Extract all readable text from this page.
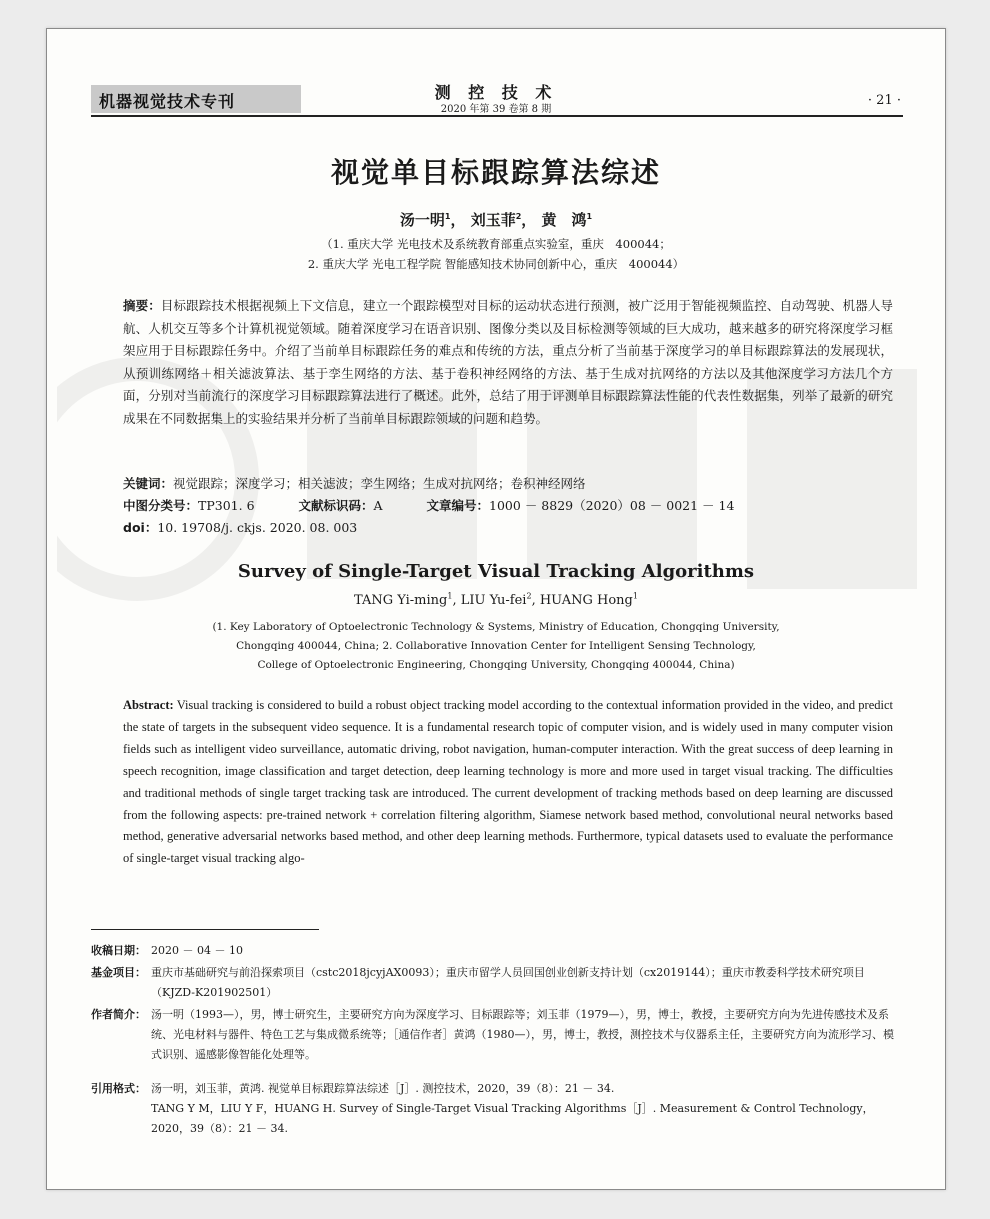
机器视觉技术专刊	测 控 技 术
2020 年第 39 卷第 8 期
· 21 ·
视觉单目标跟踪算法综述
汤一明$^1$， 刘玉菲$^2$， 黄　鸿$^1$
（1. 重庆大学 光电技术及系统教育部重点实验室，重庆　400044；
2. 重庆大学 光电工程学院 智能感知技术协同创新中心，重庆　400044）
摘要：目标跟踪技术根据视频上下文信息，建立一个跟踪模型对目标的运动状态进行预测，被广泛用于智能视频监控、自动驾驶、机器人导航、人机交互等多个计算机视觉领域。随着深度学习在语音识别、图像分类以及目标检测等领域的巨大成功，越来越多的研究将深度学习框架应用于目标跟踪任务中。介绍了当前单目标跟踪任务的难点和传统的方法，重点分析了当前基于深度学习的单目标跟踪算法的发展现状，从预训练网络＋相关滤波算法、基于孪生网络的方法、基于卷积神经网络的方法、基于生成对抗网络的方法以及其他深度学习方法几个方面，分别对当前流行的深度学习目标跟踪算法进行了概述。此外，总结了用于评测单目标跟踪算法性能的代表性数据集，列举了最新的研究成果在不同数据集上的实验结果并分析了当前单目标跟踪领域的问题和趋势。
关键词：视觉跟踪；深度学习；相关滤波；孪生网络；生成对抗网络；卷积神经网络
中图分类号：TP301. 6	文献标识码：A	文章编号：1000 － 8829（2020）08 － 0021 － 14
doi：10. 19708/j. ckjs. 2020. 08. 003
Survey of Single-Target Visual Tracking Algorithms
TANG Yi-ming$^1$, LIU Yu-fei$^2$, HUANG Hong$^1$
(1. Key Laboratory of Optoelectronic Technology & Systems, Ministry of Education, Chongqing University,
Chongqing 400044, China; 2. Collaborative Innovation Center for Intelligent Sensing Technology,
College of Optoelectronic Engineering, Chongqing University, Chongqing 400044, China)
Abstract: Visual tracking is considered to build a robust object tracking model according to the contextual information provided in the video, and predict the state of targets in the subsequent video sequence. It is a fundamental research topic of computer vision, and is widely used in many computer vision fields such as intelligent video surveillance, automatic driving, robot navigation, human-computer interaction. With the great success of deep learning in speech recognition, image classification and target detection, deep learning technology is more and more used in target visual tracking. The difficulties and traditional methods of single target tracking task are introduced. The current development of tracking methods based on deep learning are discussed from the following aspects: pre-trained network + correlation filtering algorithm, Siamese network based method, convolutional neural networks based method, generative adversarial networks based method, and other deep learning methods. Furthermore, typical datasets used to evaluate the performance of single-target visual tracking algo-
收稿日期： 2020 － 04 － 10
基金项目： 重庆市基础研究与前沿探索项目（cstc2018jcyjAX0093）；重庆市留学人员回国创业创新支持计划（cx2019144）；重庆市教委科学技术研究项目（KJZD-K201902501）
作者简介： 汤一明（1993—），男，博士研究生，主要研究方向为深度学习、目标跟踪等；刘玉菲（1979—），男，博士，教授，主要研究方向为先进传感技术及系统、光电材料与器件、特色工艺与集成微系统等；［通信作者］黄鸿（1980—），男，博士，教授，测控技术与仪器系主任，主要研究方向为流形学习、模式识别、遥感影像智能化处理等。
引用格式： 汤一明，刘玉菲，黄鸿. 视觉单目标跟踪算法综述［J］. 测控技术，2020，39（8）：21 － 34.
TANG Y M，LIU Y F，HUANG H. Survey of Single-Target Visual Tracking Algorithms［J］. Measurement & Control Technology，2020，39（8）：21 － 34.
